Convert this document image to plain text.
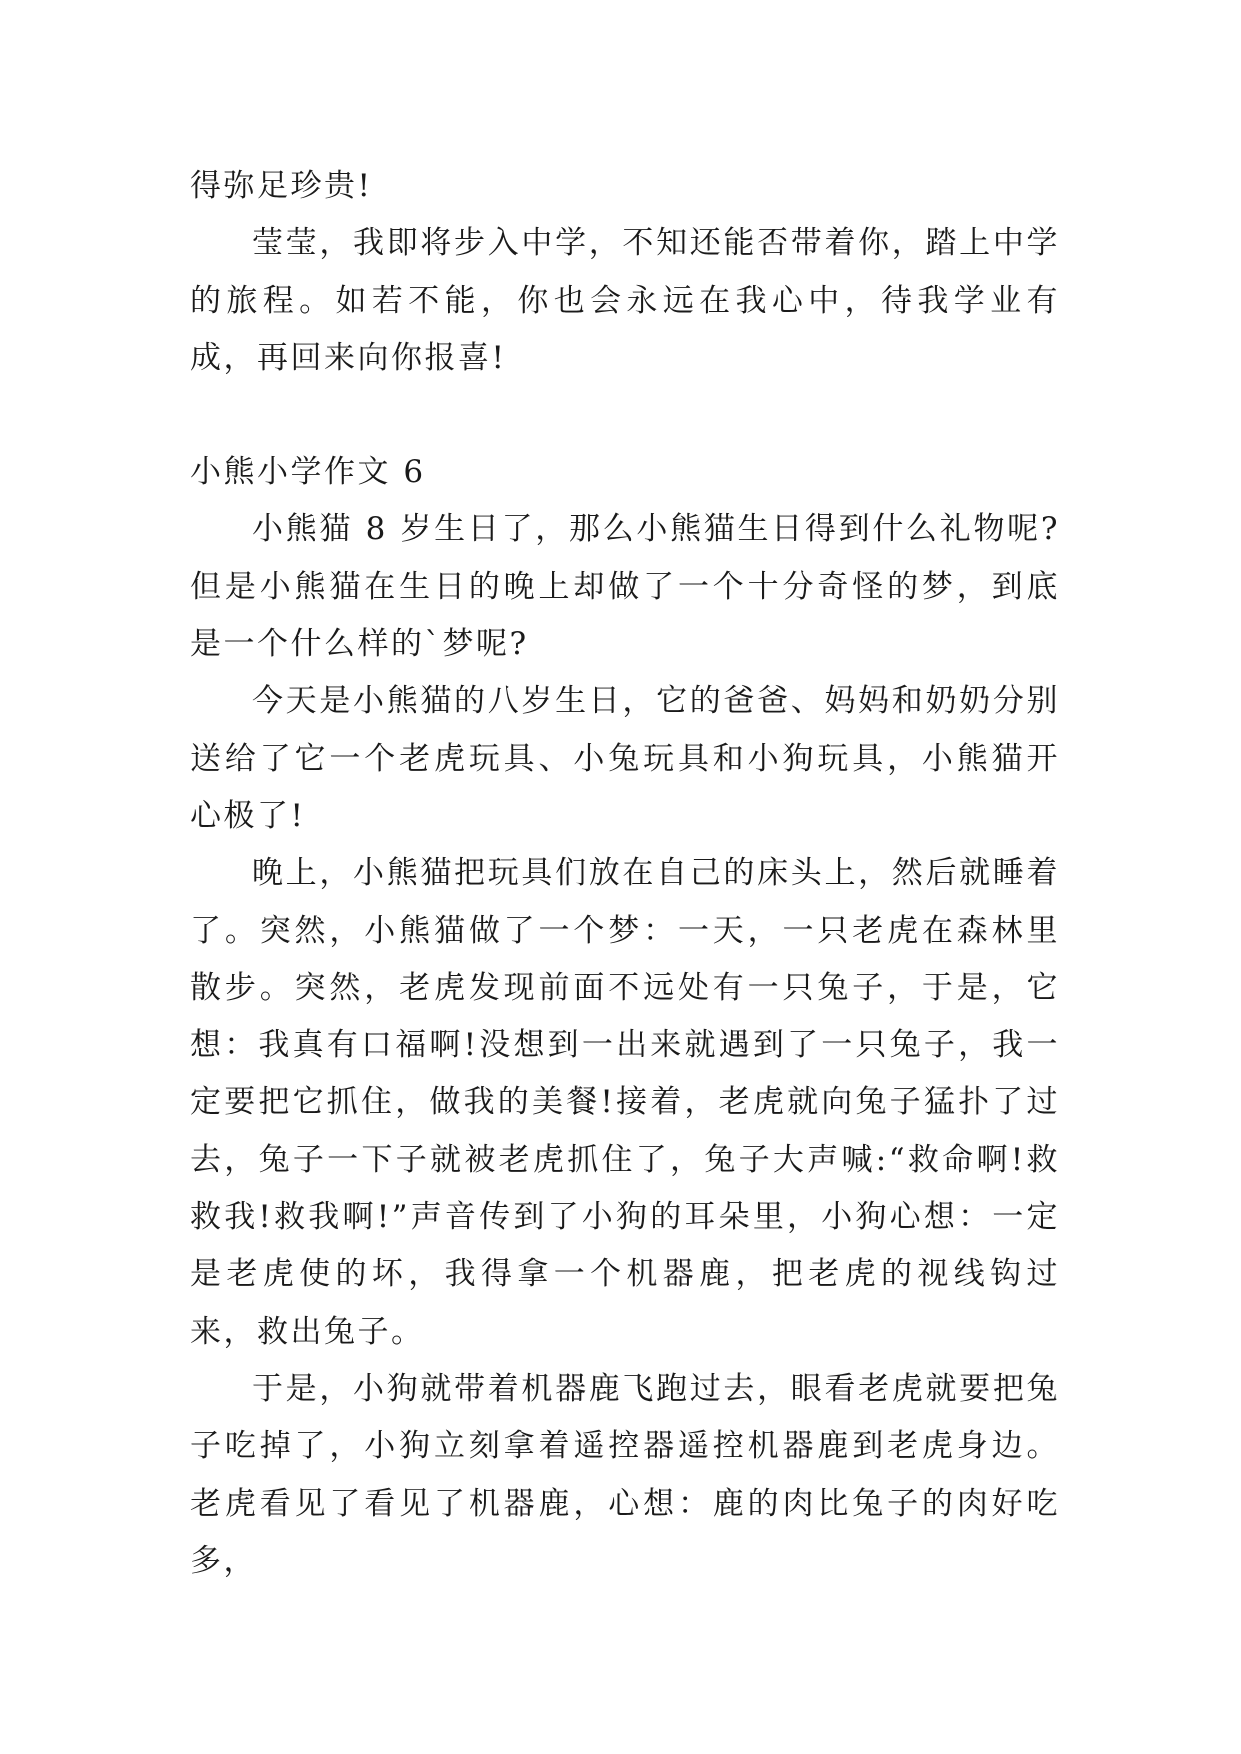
得弥足珍贵!

莹莹，我即将步入中学，不知还能否带着你，踏上中学的旅程。如若不能，你也会永远在我心中，待我学业有成，再回来向你报喜!

小熊小学作文 6

小熊猫 8 岁生日了，那么小熊猫生日得到什么礼物呢?但是小熊猫在生日的晚上却做了一个十分奇怪的梦，到底是一个什么样的`梦呢?

今天是小熊猫的八岁生日，它的爸爸、妈妈和奶奶分别送给了它一个老虎玩具、小兔玩具和小狗玩具，小熊猫开心极了!

晚上，小熊猫把玩具们放在自己的床头上，然后就睡着了。突然，小熊猫做了一个梦：一天，一只老虎在森林里散步。突然，老虎发现前面不远处有一只兔子，于是，它想：我真有口福啊!没想到一出来就遇到了一只兔子，我一定要把它抓住，做我的美餐!接着，老虎就向兔子猛扑了过去，兔子一下子就被老虎抓住了，兔子大声喊:“救命啊!救救我!救我啊!”声音传到了小狗的耳朵里，小狗心想：一定是老虎使的坏，我得拿一个机器鹿，把老虎的视线钩过来，救出兔子。

于是，小狗就带着机器鹿飞跑过去，眼看老虎就要把兔子吃掉了，小狗立刻拿着遥控器遥控机器鹿到老虎身边。老虎看见了看见了机器鹿，心想：鹿的肉比兔子的肉好吃多，
